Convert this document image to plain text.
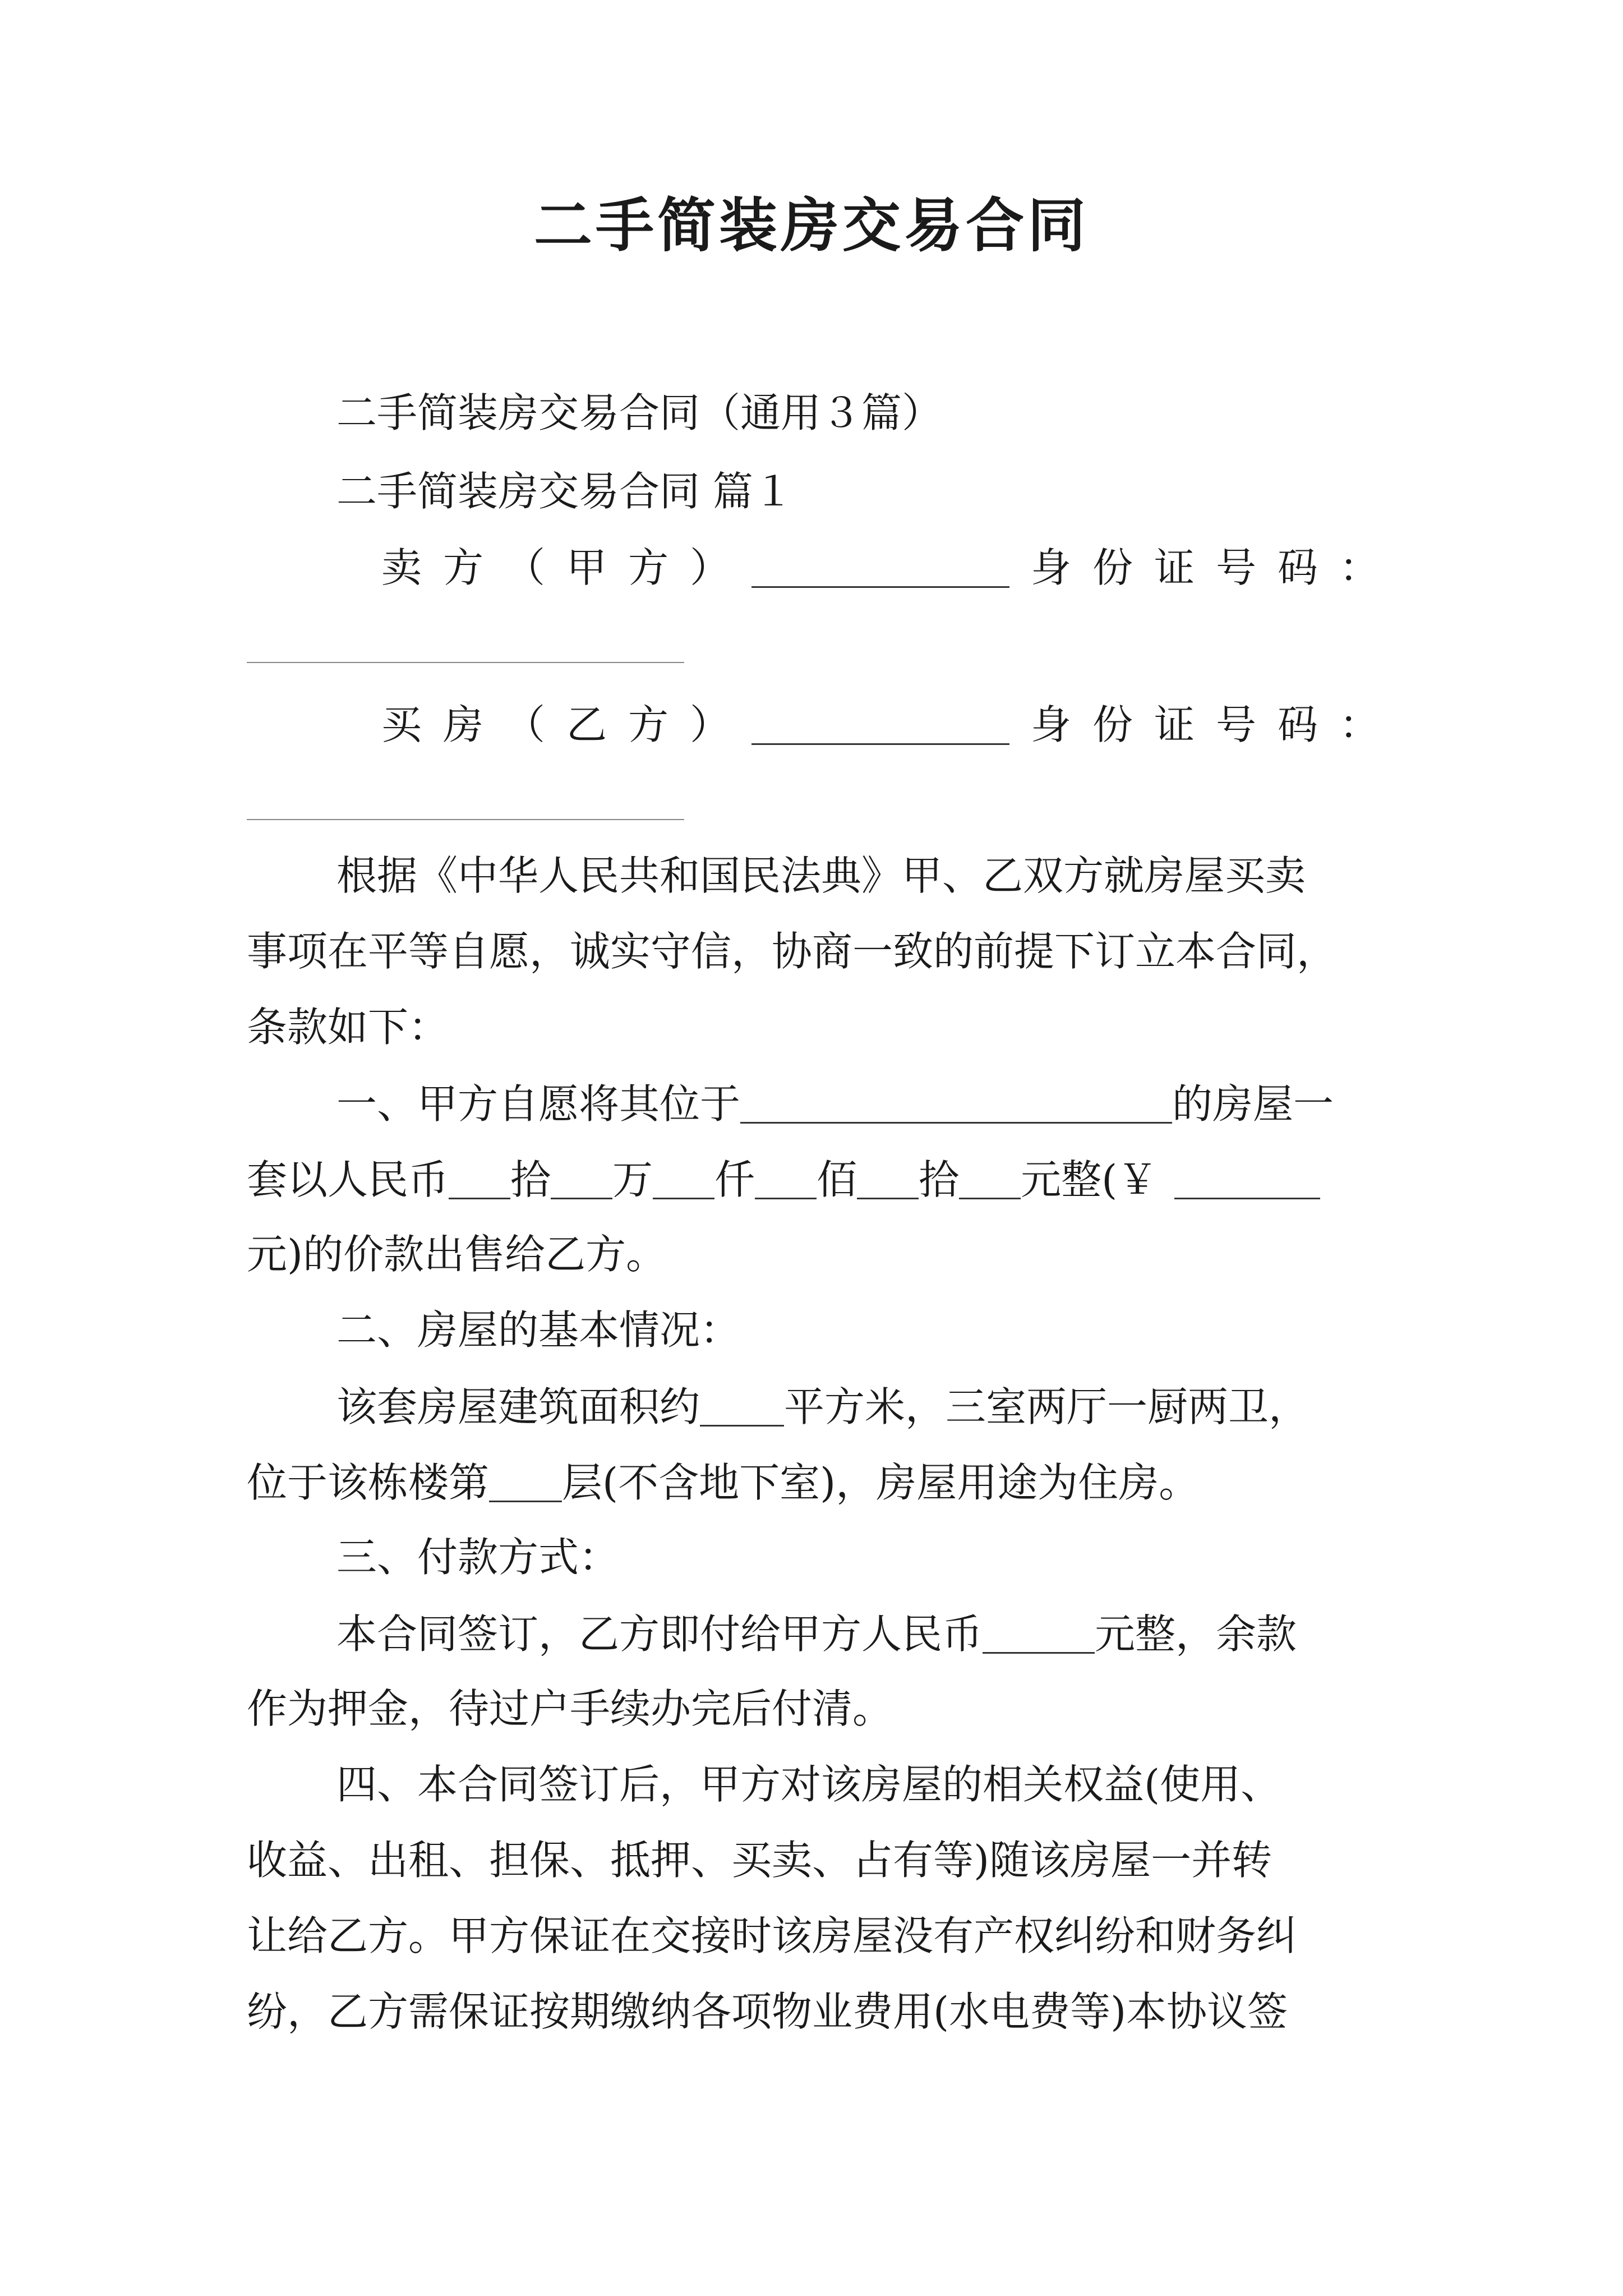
二手简装房交易合同
二手简装房交易合同（通用３篇）
二手简装房交易合同 篇１
卖 方 （ 甲 方 ）	身 份 证 号 码 ：
买 房 （ 乙 方 ）	身 份 证 号 码 ：
根据《中华人民共和国民法典》甲、乙双方就房屋买卖
事项在平等自愿，诚实守信，协商一致的前提下订立本合同，
条款如下：
一、甲方自愿将其位于	的房屋一
套以人民币 拾 万 仟 佰 拾 元整(￥
元)的价款出售给乙方。
二、房屋的基本情况：
该套房屋建筑面积约 平方米，三室两厅一厨两卫，
位于该栋楼第 层(不含地下室)，房屋用途为住房。
三、付款方式：
本合同签订，乙方即付给甲方人民币	元整，余款
作为押金，待过户手续办完后付清。
四、本合同签订后，甲方对该房屋的相关权益(使用、
收益、出租、担保、抵押、买卖、占有等)随该房屋一并转
让给乙方。甲方保证在交接时该房屋没有产权纠纷和财务纠
纷，乙方需保证按期缴纳各项物业费用(水电费等)本协议签
